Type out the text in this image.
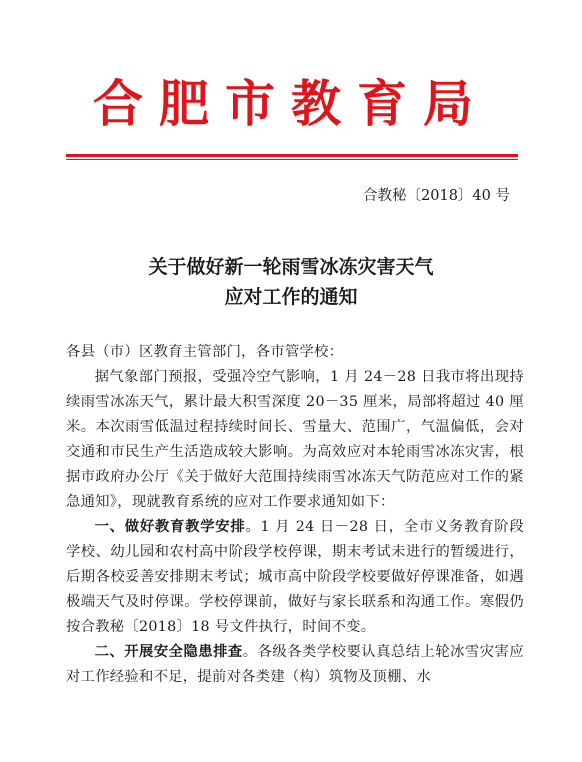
合肥市教育局
合教秘〔2018〕40 号
关于做好新一轮雨雪冰冻灾害天气
应对工作的通知

各县（市）区教育主管部门，各市管学校：

据气象部门预报，受强冷空气影响，1 月 24－28 日我市将出现持续雨雪冰冻天气，累计最大积雪深度 20－35 厘米，局部将超过 40 厘米。本次雨雪低温过程持续时间长、雪量大、范围广，气温偏低，会对交通和市民生产生活造成较大影响。为高效应对本轮雨雪冰冻灾害，根据市政府办公厅《关于做好大范围持续雨雪冰冻天气防范应对工作的紧急通知》，现就教育系统的应对工作要求通知如下：

一、做好教育教学安排。1 月 24 日－28 日，全市义务教育阶段学校、幼儿园和农村高中阶段学校停课，期末考试未进行的暂缓进行，后期各校妥善安排期末考试；城市高中阶段学校要做好停课准备，如遇极端天气及时停课。学校停课前，做好与家长联系和沟通工作。寒假仍按合教秘〔2018〕18 号文件执行，时间不变。

二、开展安全隐患排查。各级各类学校要认真总结上轮冰雪灾害应对工作经验和不足，提前对各类建（构）筑物及顶棚、水
